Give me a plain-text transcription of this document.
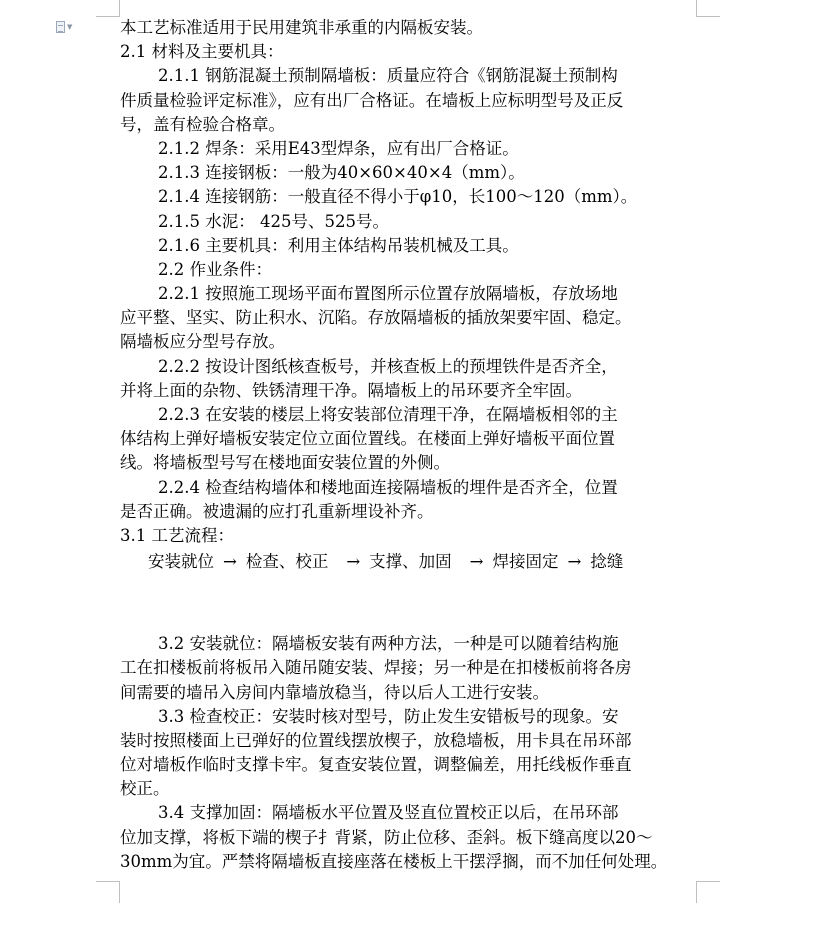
▼	本工艺标准适用于民用建筑非承重的内隔板安装。
2.1 材料及主要机具：
2.1.1 钢筋混凝土预制隔墙板：质量应符合《钢筋混凝土预制构
件质量检验评定标准》，应有出厂合格证。在墙板上应标明型号及正反
号，盖有检验合格章。
2.1.2 焊条：采用E43型焊条，应有出厂合格证。
2.1.3 连接钢板：一般为40×60×40×4（mm）。
2.1.4 连接钢筋：一般直径不得小于φ10，长100～120（mm）。
2.1.5 水泥： 425号、525号。
2.1.6 主要机具：利用主体结构吊装机械及工具。
2.2 作业条件：
2.2.1 按照施工现场平面布置图所示位置存放隔墙板，存放场地
应平整、坚实、防止积水、沉陷。存放隔墙板的插放架要牢固、稳定。
隔墙板应分型号存放。
2.2.2 按设计图纸核查板号，并核查板上的预埋铁件是否齐全，
并将上面的杂物、铁锈清理干净。隔墙板上的吊环要齐全牢固。
2.2.3 在安装的楼层上将安装部位清理干净，在隔墙板相邻的主
体结构上弹好墙板安装定位立面位置线。在楼面上弹好墙板平面位置
线。将墙板型号写在楼地面安装位置的外侧。
2.2.4 检查结构墙体和楼地面连接隔墙板的埋件是否齐全，位置
是否正确。被遗漏的应打孔重新埋设补齐。
3.1 工艺流程：
安装就位 → 检查、校正 → 支撑、加固 → 焊接固定 → 捻缝
3.2 安装就位：隔墙板安装有两种方法，一种是可以随着结构施
工在扣楼板前将板吊入随吊随安装、焊接；另一种是在扣楼板前将各房
间需要的墙吊入房间内靠墙放稳当，待以后人工进行安装。
3.3 检查校正：安装时核对型号，防止发生安错板号的现象。安
装时按照楼面上已弹好的位置线摆放楔子，放稳墙板，用卡具在吊环部
位对墙板作临时支撑卡牢。复查安装位置，调整偏差，用托线板作垂直
校正。
3.4 支撑加固：隔墙板水平位置及竖直位置校正以后，在吊环部
位加支撑，将板下端的楔子扌背紧，防止位移、歪斜。板下缝高度以20～
30mm为宜。严禁将隔墙板直接座落在楼板上干摆浮搁，而不加任何处理。
